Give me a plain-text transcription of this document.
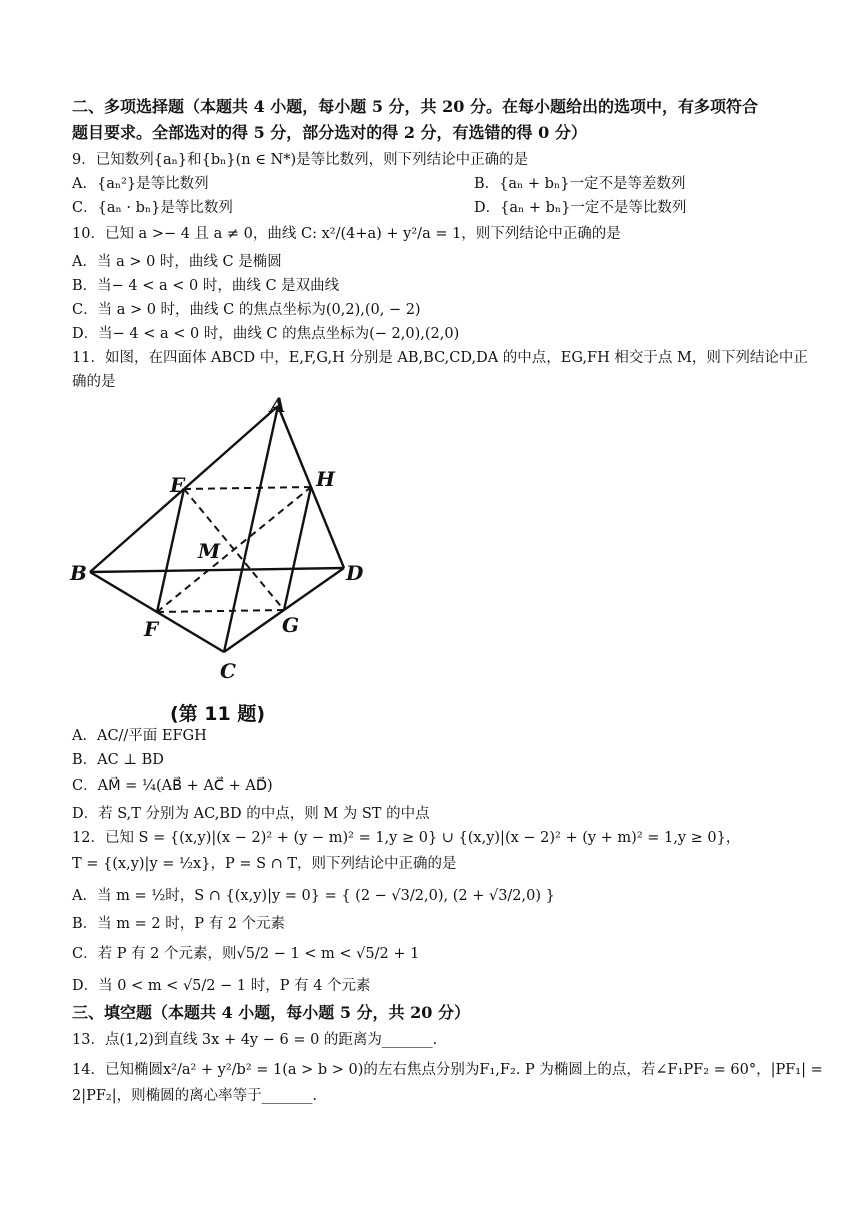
二、多项选择题（本题共 4 小题，每小题 5 分，共 20 分。在每小题给出的选项中，有多项符合
题目要求。全部选对的得 5 分，部分选对的得 2 分，有选错的得 0 分）
9．已知数列{aₙ}和{bₙ}(n ∈ N*)是等比数列，则下列结论中正确的是
A．{aₙ²}是等比数列	B．{aₙ + bₙ}一定不是等差数列
C．{aₙ · bₙ}是等比数列	D．{aₙ + bₙ}一定不是等比数列
10．已知 a >− 4 且 a ≠ 0，曲线 C: x²/(4+a) + y²/a = 1，则下列结论中正确的是
A．当 a > 0 时，曲线 C 是椭圆
B．当− 4 < a < 0 时，曲线 C 是双曲线
C．当 a > 0 时，曲线 C 的焦点坐标为(0,2),(0, − 2)
D．当− 4 < a < 0 时，曲线 C 的焦点坐标为(− 2,0),(2,0)
11．如图，在四面体 ABCD 中，E,F,G,H 分别是 AB,BC,CD,DA 的中点，EG,FH 相交于点 M，则下列结论中正
确的是
A
B
C
D
E
F	G
H
M
(第 11 题)
A．AC//平面 EFGH
B．AC ⊥ BD
C．AM⃗ = ¼(AB⃗ + AC⃗ + AD⃗)
D．若 S,T 分别为 AC,BD 的中点，则 M 为 ST 的中点
12．已知 S = {(x,y)|(x − 2)² + (y − m)² = 1,y ≥ 0} ∪ {(x,y)|(x − 2)² + (y + m)² = 1,y ≥ 0}，
T = {(x,y)|y = ½x}，P = S ∩ T，则下列结论中正确的是
A．当 m = ½时，S ∩ {(x,y)|y = 0} = { (2 − √3/2,0), (2 + √3/2,0) }
B．当 m = 2 时，P 有 2 个元素
C．若 P 有 2 个元素，则√5/2 − 1 < m < √5/2 + 1
D．当 0 < m < √5/2 − 1 时，P 有 4 个元素
三、填空题（本题共 4 小题，每小题 5 分，共 20 分）
13．点(1,2)到直线 3x + 4y − 6 = 0 的距离为_______.
14．已知椭圆x²/a² + y²/b² = 1(a > b > 0)的左右焦点分别为F₁,F₂. P 为椭圆上的点，若∠F₁PF₂ = 60°，|PF₁| =
2|PF₂|，则椭圆的离心率等于_______.
